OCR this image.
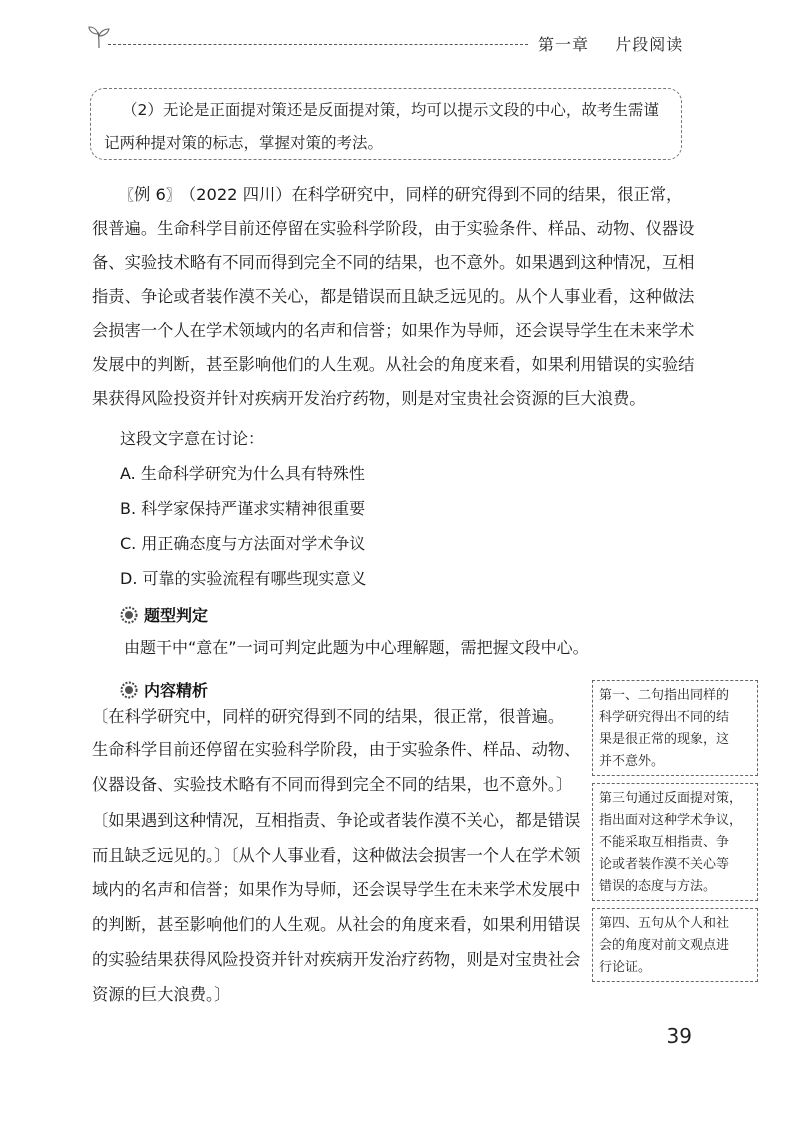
第一章 片段阅读
（2）无论是正面提对策还是反面提对策，均可以提示文段的中心，故考生需谨
记两种提对策的标志，掌握对策的考法。
〖例 6〗（2022 四川）在科学研究中，同样的研究得到不同的结果，很正常，
很普遍。生命科学目前还停留在实验科学阶段，由于实验条件、样品、动物、仪器设
备、实验技术略有不同而得到完全不同的结果，也不意外。如果遇到这种情况，互相
指责、争论或者装作漠不关心，都是错误而且缺乏远见的。从个人事业看，这种做法
会损害一个人在学术领域内的名声和信誉；如果作为导师，还会误导学生在未来学术
发展中的判断，甚至影响他们的人生观。从社会的角度来看，如果利用错误的实验结
果获得风险投资并针对疾病开发治疗药物，则是对宝贵社会资源的巨大浪费。
这段文字意在讨论：
A. 生命科学研究为什么具有特殊性
B. 科学家保持严谨求实精神很重要
C. 用正确态度与方法面对学术争议
D. 可靠的实验流程有哪些现实意义
题型判定
由题干中“意在”一词可判定此题为中心理解题，需把握文段中心。
内容精析
〔在科学研究中，同样的研究得到不同的结果，很正常，很普遍。
生命科学目前还停留在实验科学阶段，由于实验条件、样品、动物、
仪器设备、实验技术略有不同而得到完全不同的结果，也不意外。〕
〔如果遇到这种情况，互相指责、争论或者装作漠不关心，都是错误
而且缺乏远见的。〕〔从个人事业看，这种做法会损害一个人在学术领
域内的名声和信誉；如果作为导师，还会误导学生在未来学术发展中
的判断，甚至影响他们的人生观。从社会的角度来看，如果利用错误
的实验结果获得风险投资并针对疾病开发治疗药物，则是对宝贵社会
资源的巨大浪费。〕
第一、二句指出同样的
科学研究得出不同的结
果是很正常的现象，这
并不意外。
第三句通过反面提对策，
指出面对这种学术争议，
不能采取互相指责、争
论或者装作漠不关心等
错误的态度与方法。
第四、五句从个人和社
会的角度对前文观点进
行论证。
39
